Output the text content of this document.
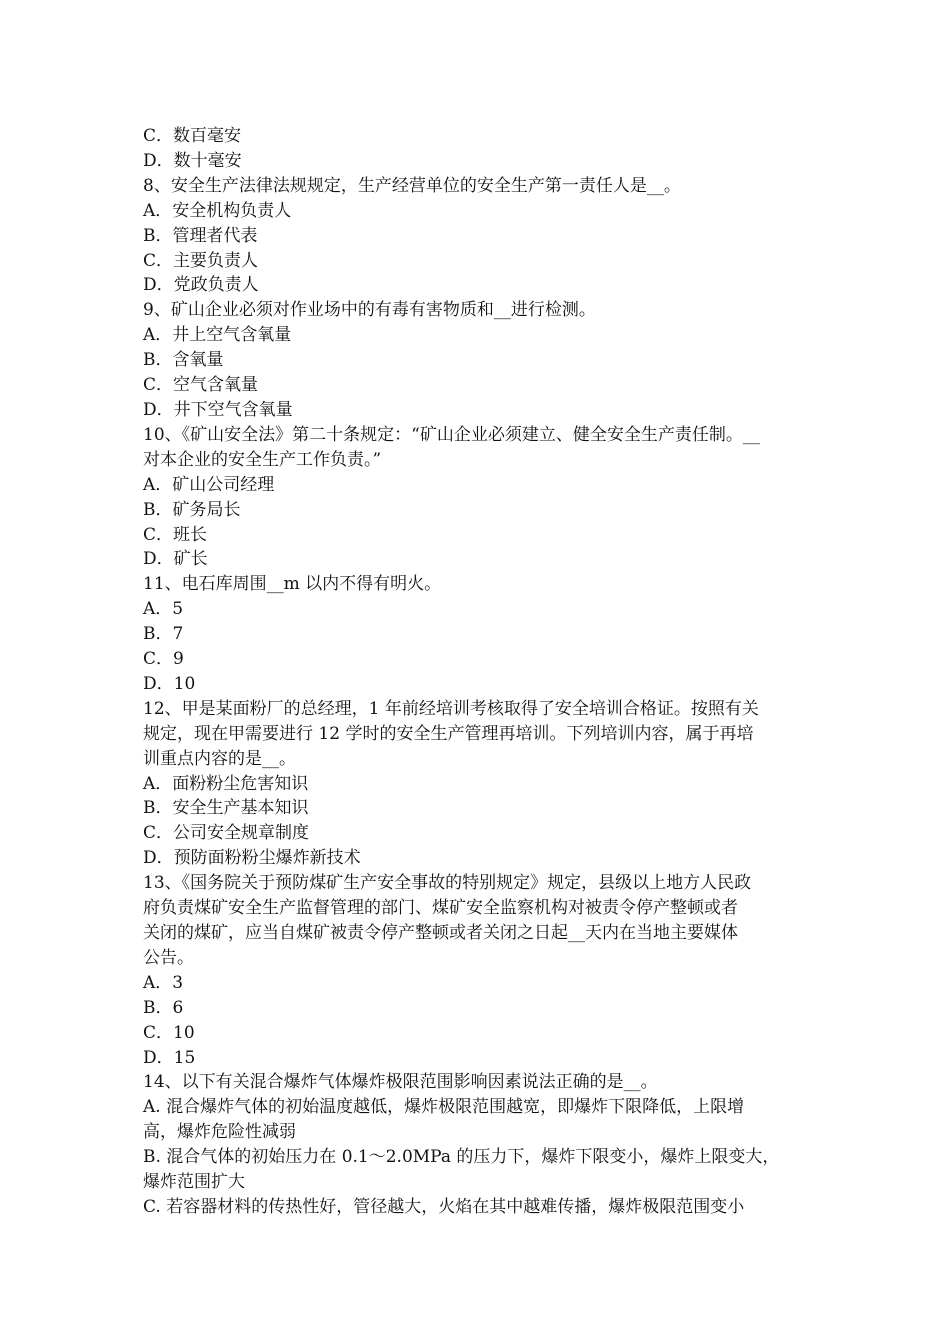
C．数百毫安
D．数十毫安
8、安全生产法律法规规定，生产经营单位的安全生产第一责任人是__。
A．安全机构负责人
B．管理者代表
C．主要负责人
D．党政负责人
9、矿山企业必须对作业场中的有毒有害物质和__进行检测。
A．井上空气含氧量
B．含氧量
C．空气含氧量
D．井下空气含氧量
10、《矿山安全法》第二十条规定：“矿山企业必须建立、健全安全生产责任制。__
对本企业的安全生产工作负责。”
A．矿山公司经理
B．矿务局长
C．班长
D．矿长
11、电石库周围__m 以内不得有明火。
A．5
B．7
C．9
D．10
12、甲是某面粉厂的总经理，1 年前经培训考核取得了安全培训合格证。按照有关
规定，现在甲需要进行 12 学时的安全生产管理再培训。下列培训内容，属于再培
训重点内容的是__。
A．面粉粉尘危害知识
B．安全生产基本知识
C．公司安全规章制度
D．预防面粉粉尘爆炸新技术
13、《国务院关于预防煤矿生产安全事故的特别规定》规定，县级以上地方人民政
府负责煤矿安全生产监督管理的部门、煤矿安全监察机构对被责令停产整顿或者
关闭的煤矿，应当自煤矿被责令停产整顿或者关闭之日起__天内在当地主要媒体
公告。
A．3
B．6
C．10
D．15
14、以下有关混合爆炸气体爆炸极限范围影响因素说法正确的是__。
A. 混合爆炸气体的初始温度越低，爆炸极限范围越宽，即爆炸下限降低，上限增
高，爆炸危险性减弱
B. 混合气体的初始压力在 0.1～2.0MPa 的压力下，爆炸下限变小，爆炸上限变大，
爆炸范围扩大
C. 若容器材料的传热性好，管径越大，火焰在其中越难传播，爆炸极限范围变小
